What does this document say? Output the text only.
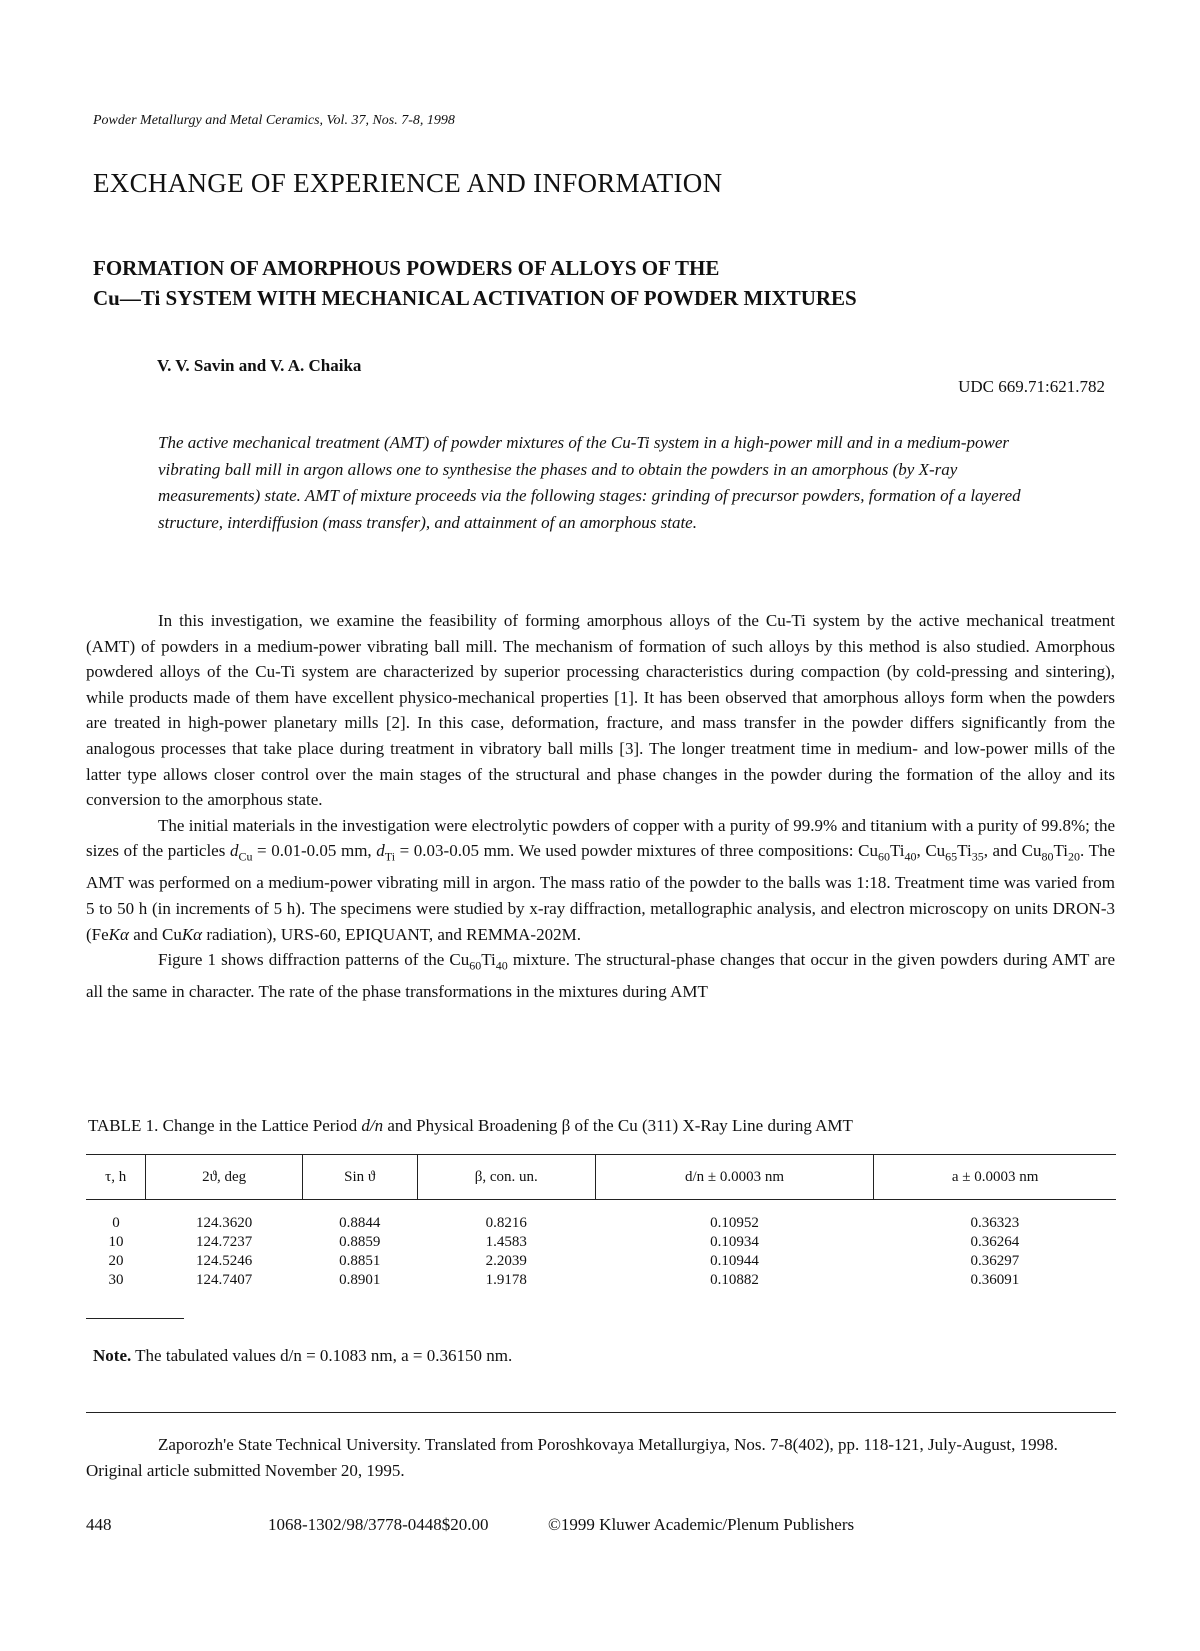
Powder Metallurgy and Metal Ceramics, Vol. 37, Nos. 7-8, 1998
EXCHANGE OF EXPERIENCE AND INFORMATION
FORMATION OF AMORPHOUS POWDERS OF ALLOYS OF THE
Cu—Ti SYSTEM WITH MECHANICAL ACTIVATION OF POWDER MIXTURES
V. V. Savin and V. A. Chaika
UDC 669.71:621.782

The active mechanical treatment (AMT) of powder mixtures of the Cu-Ti system in a high-power mill and in a medium-power vibrating ball mill in argon allows one to synthesise the phases and to obtain the powders in an amorphous (by X-ray measurements) state. AMT of mixture proceeds via the following stages: grinding of precursor powders, formation of a layered structure, interdiffusion (mass transfer), and attainment of an amorphous state.

In this investigation, we examine the feasibility of forming amorphous alloys of the Cu-Ti system by the active mechanical treatment (AMT) of powders in a medium-power vibrating ball mill. The mechanism of formation of such alloys by this method is also studied. Amorphous powdered alloys of the Cu-Ti system are characterized by superior processing characteristics during compaction (by cold-pressing and sintering), while products made of them have excellent physico-mechanical properties [1]. It has been observed that amorphous alloys form when the powders are treated in high-power planetary mills [2]. In this case, deformation, fracture, and mass transfer in the powder differs significantly from the analogous processes that take place during treatment in vibratory ball mills [3]. The longer treatment time in medium- and low-power mills of the latter type allows closer control over the main stages of the structural and phase changes in the powder during the formation of the alloy and its conversion to the amorphous state.

The initial materials in the investigation were electrolytic powders of copper with a purity of 99.9% and titanium with a purity of 99.8%; the sizes of the particles $d_{Cu} = 0.01-0.05$ mm, $d_{Ti} = 0.03-0.05$ mm. We used powder mixtures of three compositions: $Cu_{60}Ti_{40}$, $Cu_{65}Ti_{35}$, and $Cu_{80}Ti_{20}$. The AMT was performed on a medium-power vibrating mill in argon. The mass ratio of the powder to the balls was 1:18. Treatment time was varied from 5 to 50 h (in increments of 5 h). The specimens were studied by x-ray diffraction, metallographic analysis, and electron microscopy on units DRON-3 (FeKα and CuKα radiation), URS-60, EPIQUANT, and REMMA-202M.

Figure 1 shows diffraction patterns of the $Cu_{60}Ti_{40}$ mixture. The structural-phase changes that occur in the given powders during AMT are all the same in character. The rate of the phase transformations in the mixtures during AMT

TABLE 1. Change in the Lattice Period d/n and Physical Broadening β of the Cu (311) X-Ray Line during AMT
τ, h	2ϑ, deg	Sin ϑ	β, con. un.	d/n ± 0.0003 nm	a ± 0.0003 nm
0	124.3620	0.8844	0.8216	0.10952	0.36323
10	124.7237	0.8859	1.4583	0.10934	0.36264
20	124.5246	0.8851	2.2039	0.10944	0.36297
30	124.7407	0.8901	1.9178	0.10882	0.36091
Note. The tabulated values d/n = 0.1083 nm, a = 0.36150 nm.

Zaporozh'e State Technical University. Translated from Poroshkovaya Metallurgiya, Nos. 7-8(402), pp. 118-121, July-August, 1998. Original article submitted November 20, 1995.

448	1068-1302/98/3778-0448$20.00	©1999 Kluwer Academic/Plenum Publishers
